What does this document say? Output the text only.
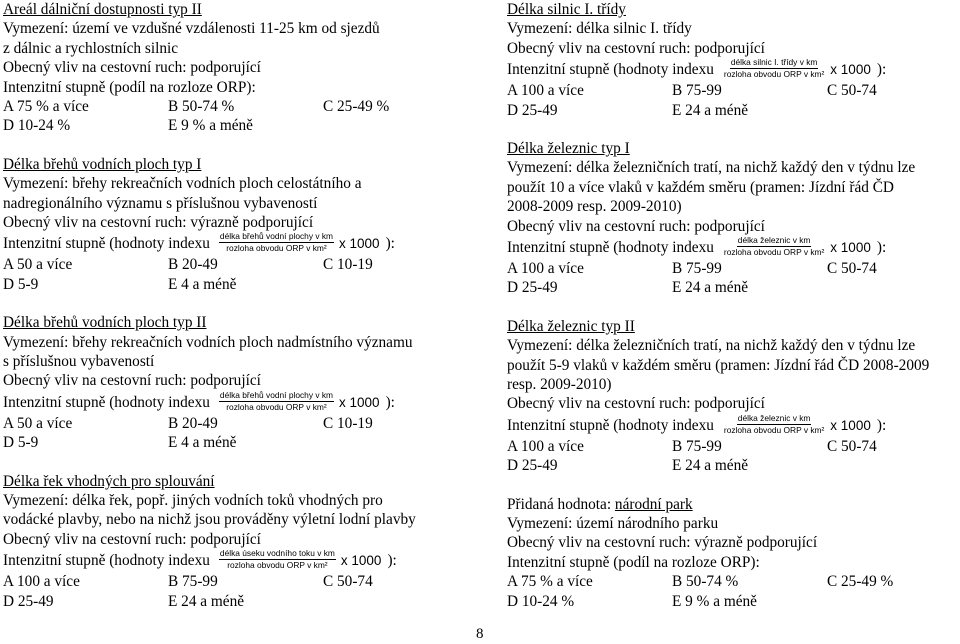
Areál dálniční dostupnosti typ II
Vymezení: území ve vzdušné vzdálenosti 11-25 km od sjezdů
z dálnic a rychlostních silnic
Obecný vliv na cestovní ruch: podporující
Intenzitní stupně (podíl na rozloze ORP):
A 75 % a více	B 50-74 %	C 25-49 %
D 10-24 %	E 9 % a méně
Délka břehů vodních ploch typ I
Vymezení: břehy rekreačních vodních ploch celostátního a
nadregionálního významu s příslušnou vybaveností
Obecný vliv na cestovní ruch: výrazně podporující
Intenzitní stupně (hodnoty indexu $\frac{\text{délka břehů vodní plochy v km}}{\text{rozloha obvodu ORP v km²}}$ x 1000 ):
A 50 a více	B 20-49	C 10-19
D 5-9	E 4 a méně
Délka břehů vodních ploch typ II
Vymezení: břehy rekreačních vodních ploch nadmístního významu
s příslušnou vybaveností
Obecný vliv na cestovní ruch: podporující
Intenzitní stupně (hodnoty indexu $\frac{\text{délka břehů vodní plochy v km}}{\text{rozloha obvodu ORP v km²}}$ x 1000 ):
A 50 a více	B 20-49	C 10-19
D 5-9	E 4 a méně
Délka řek vhodných pro splouvání
Vymezení: délka řek, popř. jiných vodních toků vhodných pro
vodácké plavby, nebo na nichž jsou prováděny výletní lodní plavby
Obecný vliv na cestovní ruch: podporující
Intenzitní stupně (hodnoty indexu $\frac{\text{délka úseku vodního toku v km}}{\text{rozloha obvodu ORP v km²}}$ x 1000 ):
A 100 a více	B 75-99	C 50-74
D 25-49	E 24 a méně
Délka silnic I. třídy
Vymezení: délka silnic I. třídy
Obecný vliv na cestovní ruch: podporující
Intenzitní stupně (hodnoty indexu $\frac{\text{délka silnic I. třídy v km}}{\text{rozloha obvodu ORP v km²}}$ x 1000 ):
A 100 a více	B 75-99	C 50-74
D 25-49	E 24 a méně
Délka železnic typ I
Vymezení: délka železničních tratí, na nichž každý den v týdnu lze
použít 10 a více vlaků v každém směru (pramen: Jízdní řád ČD
2008-2009 resp. 2009-2010)
Obecný vliv na cestovní ruch: podporující
Intenzitní stupně (hodnoty indexu $\frac{\text{délka železnic v km}}{\text{rozloha obvodu ORP v km²}}$ x 1000 ):
A 100 a více	B 75-99	C 50-74
D 25-49	E 24 a méně
Délka železnic typ II
Vymezení: délka železničních tratí, na nichž každý den v týdnu lze
použít 5-9 vlaků v každém směru (pramen: Jízdní řád ČD 2008-2009
resp. 2009-2010)
Obecný vliv na cestovní ruch: podporující
Intenzitní stupně (hodnoty indexu $\frac{\text{délka železnic v km}}{\text{rozloha obvodu ORP v km²}}$ x 1000 ):
A 100 a více	B 75-99	C 50-74
D 25-49	E 24 a méně
Přidaná hodnota: národní park
Vymezení: území národního parku
Obecný vliv na cestovní ruch: výrazně podporující
Intenzitní stupně (podíl na rozloze ORP):
A 75 % a více	B 50-74 %	C 25-49 %
D 10-24 %	E 9 % a méně
8
